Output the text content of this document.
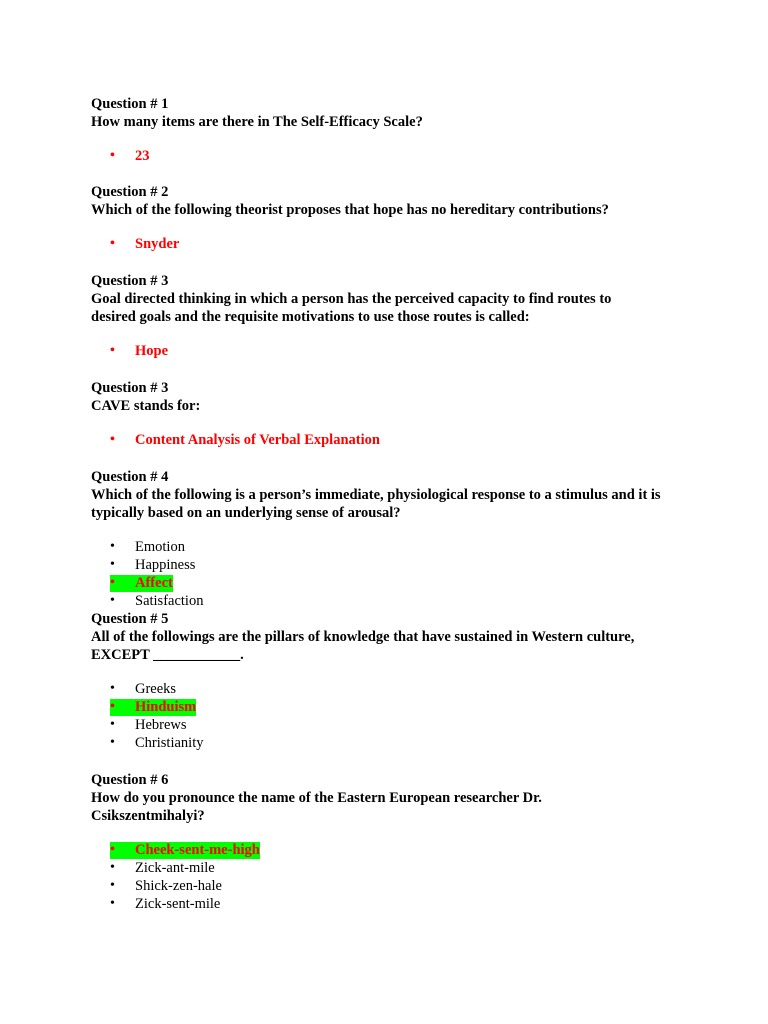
Question # 1

How many items are there in The Self-Efficacy Scale?

• 23

Question # 2

Which of the following theorist proposes that hope has no hereditary contributions?

• Snyder

Question # 3

Goal directed thinking in which a person has the perceived capacity to find routes to desired goals and the requisite motivations to use those routes is called:

• Hope

Question # 3

CAVE stands for:

• Content Analysis of Verbal Explanation

Question # 4

Which of the following is a person’s immediate, physiological response to a stimulus and it is typically based on an underlying sense of arousal?

• Emotion
• Happiness
• Affect
• Satisfaction

Question # 5

All of the followings are the pillars of knowledge that have sustained in Western culture, EXCEPT ____________.

• Greeks
• Hinduism
• Hebrews
• Christianity

Question # 6

How do you pronounce the name of the Eastern European researcher Dr. Csikszentmihalyi?

• Cheek-sent-me-high
• Zick-ant-mile
• Shick-zen-hale
• Zick-sent-mile
